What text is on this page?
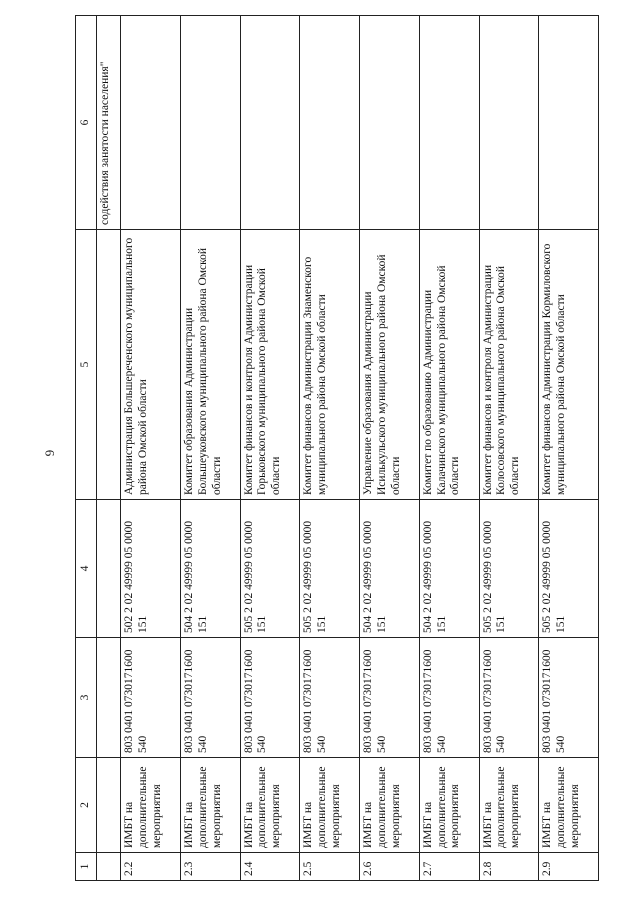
6
1	2	3	4	5	6
					содействия занятости населения"
2.2	ИМБТ на дополнительные мероприятия	803 0401 0730171600 540	502 2 02 49999 05 0000 151	Администрация Большереченского муниципального района Омской области	
2.3	ИМБТ на дополнительные мероприятия	803 0401 0730171600 540	504 2 02 49999 05 0000 151	Комитет образования Администрации Большеуковского муниципального района Омской области	
2.4	ИМБТ на дополнительные мероприятия	803 0401 0730171600 540	505 2 02 49999 05 0000 151	Комитет финансов и контроля Администрации Горьковского муниципального района Омской области	
2.5	ИМБТ на дополнительные мероприятия	803 0401 0730171600 540	505 2 02 49999 05 0000 151	Комитет финансов Администрации Знаменского муниципального района Омской области	
2.6	ИМБТ на дополнительные мероприятия	803 0401 0730171600 540	504 2 02 49999 05 0000 151	Управление образования Администрации Исилькульского муниципального района Омской области	
2.7	ИМБТ на дополнительные мероприятия	803 0401 0730171600 540	504 2 02 49999 05 0000 151	Комитет по образованию Администрации Калачинского муниципального района Омской области	
2.8	ИМБТ на дополнительные мероприятия	803 0401 0730171600 540	505 2 02 49999 05 0000 151	Комитет финансов и контроля Администрации Колосовского муниципального района Омской области	
2.9	ИМБТ на дополнительные мероприятия	803 0401 0730171600 540	505 2 02 49999 05 0000 151	Комитет финансов Администрации Кормиловского муниципального района Омской области	
